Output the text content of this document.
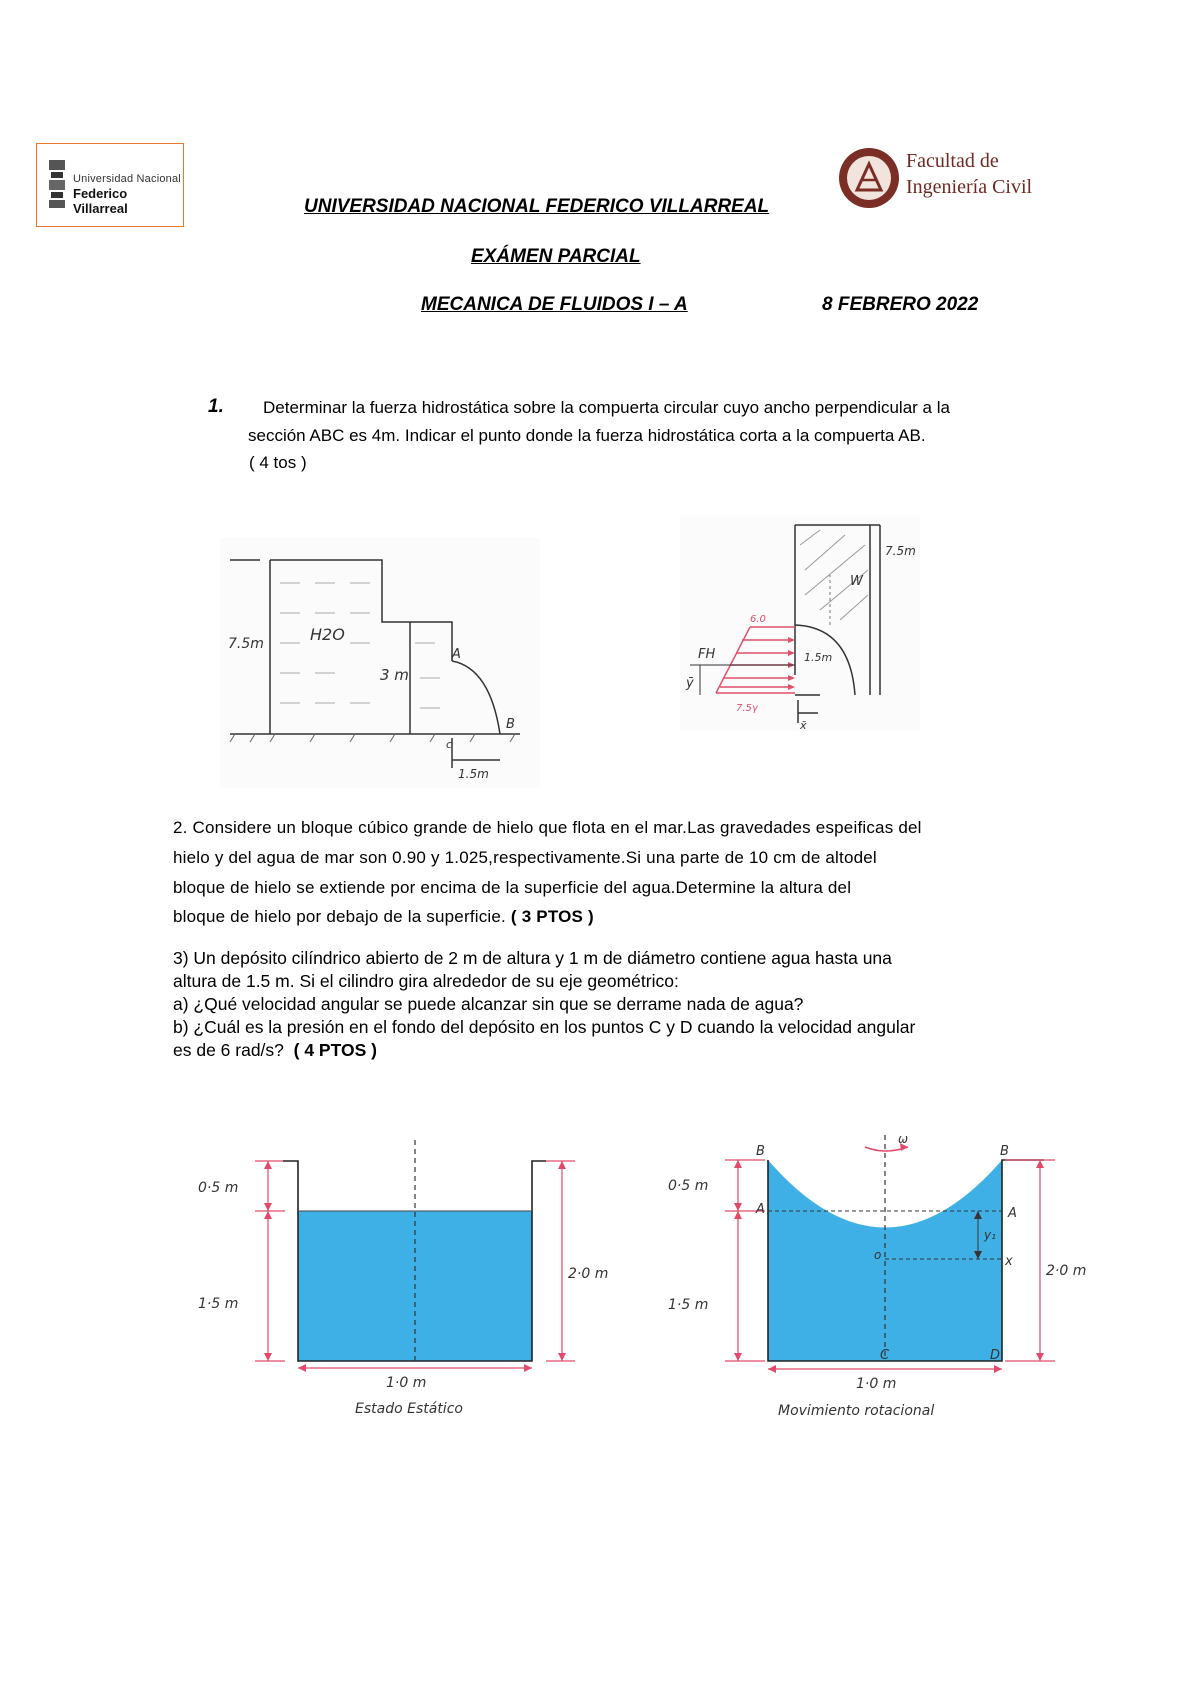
Universidad Nacional
Federico Villarreal
Facultad de
Ingeniería Civil
UNIVERSIDAD NACIONAL FEDERICO VILLARREAL
EXÁMEN PARCIAL
MECANICA DE FLUIDOS I – A	8 FEBRERO 2022
1. Determinar la fuerza hidrostática sobre la compuerta circular cuyo ancho perpendicular a la
sección ABC es 4m. Indicar el punto donde la fuerza hidrostática corta a la compuerta AB.
( 4 tos )
7.5m	H2O
3 m
A
B
c
1.5m
7.5m
W
1.5m
FH
ȳ
x̄
6.0
7.5γ
2. Considere un bloque cúbico grande de hielo que flota en el mar.Las gravedades espeificas del
hielo y del agua de mar son 0.90 y 1.025,respectivamente.Si una parte de 10 cm de altodel
bloque de hielo se extiende por encima de la superficie del agua.Determine la altura del
bloque de hielo por debajo de la superficie. ( 3 PTOS )
3) Un depósito cilíndrico abierto de 2 m de altura y 1 m de diámetro contiene agua hasta una
altura de 1.5 m. Si el cilindro gira alrededor de su eje geométrico:
a) ¿Qué velocidad angular se puede alcanzar sin que se derrame nada de agua?
b) ¿Cuál es la presión en el fondo del depósito en los puntos C y D cuando la velocidad angular
es de 6 rad/s? ( 4 PTOS )
0·5 m
1·5 m
2·0 m
1·0 m
Estado Estático
ω
B	B
A	A
o	x
y₁
C	D
0·5 m
1·5 m
2·0 m
1·0 m
Movimiento rotacional
